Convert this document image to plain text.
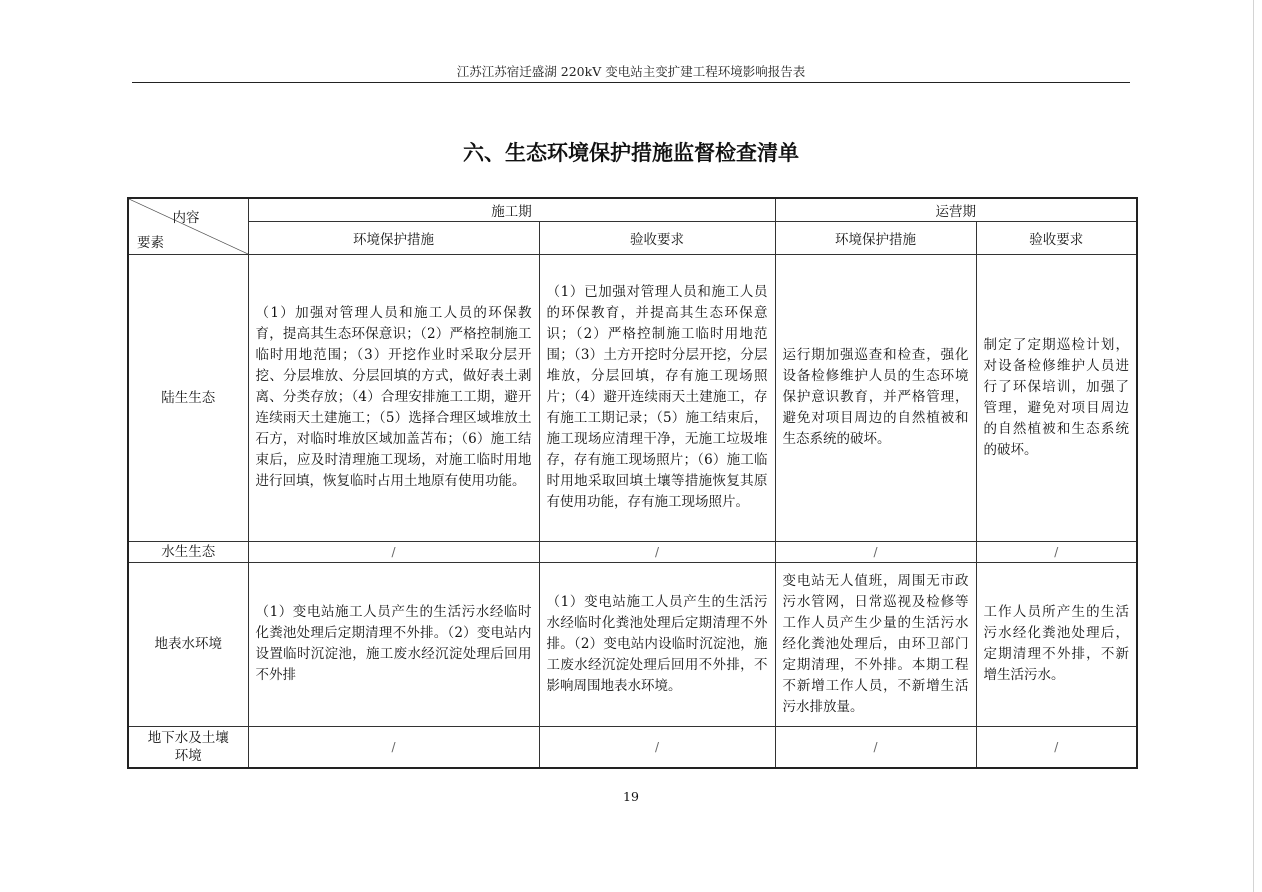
江苏江苏宿迁盛湖 220kV 变电站主变扩建工程环境影响报告表
六、生态环境保护措施监督检查清单
内容
要素	施工期		运营期	
	环境保护措施	验收要求	环境保护措施	验收要求
陆生生态	（1）加强对管理人员和施工人员的环保教育，提高其生态环保意识；（2）严格控制施工临时用地范围；（3）开挖作业时采取分层开挖、分层堆放、分层回填的方式，做好表土剥离、分类存放；（4）合理安排施工工期，避开连续雨天土建施工；（5）选择合理区域堆放土石方，对临时堆放区域加盖苫布；（6）施工结束后，应及时清理施工现场，对施工临时用地进行回填，恢复临时占用土地原有使用功能。	（1）已加强对管理人员和施工人员的环保教育，并提高其生态环保意识；（2）严格控制施工临时用地范围；（3）土方开挖时分层开挖，分层堆放，分层回填，存有施工现场照片；（4）避开连续雨天土建施工，存有施工工期记录；（5）施工结束后，施工现场应清理干净，无施工垃圾堆存，存有施工现场照片；（6）施工临时用地采取回填土壤等措施恢复其原有使用功能，存有施工现场照片。	运行期加强巡查和检查，强化设备检修维护人员的生态环境保护意识教育，并严格管理，避免对项目周边的自然植被和生态系统的破坏。	制定了定期巡检计划，对设备检修维护人员进行了环保培训，加强了管理，避免对项目周边的自然植被和生态系统的破坏。
水生生态	/	/	/	/
地表水环境	（1）变电站施工人员产生的生活污水经临时化粪池处理后定期清理不外排。（2）变电站内设置临时沉淀池，施工废水经沉淀处理后回用不外排	（1）变电站施工人员产生的生活污水经临时化粪池处理后定期清理不外排。（2）变电站内设临时沉淀池，施工废水经沉淀处理后回用不外排，不影响周围地表水环境。	变电站无人值班，周围无市政污水管网，日常巡视及检修等工作人员产生少量的生活污水经化粪池处理后，由环卫部门定期清理，不外排。本期工程不新增工作人员，不新增生活污水排放量。	工作人员所产生的生活污水经化粪池处理后，定期清理不外排，不新增生活污水。
地下水及土壤环境	/	/	/	/
19
